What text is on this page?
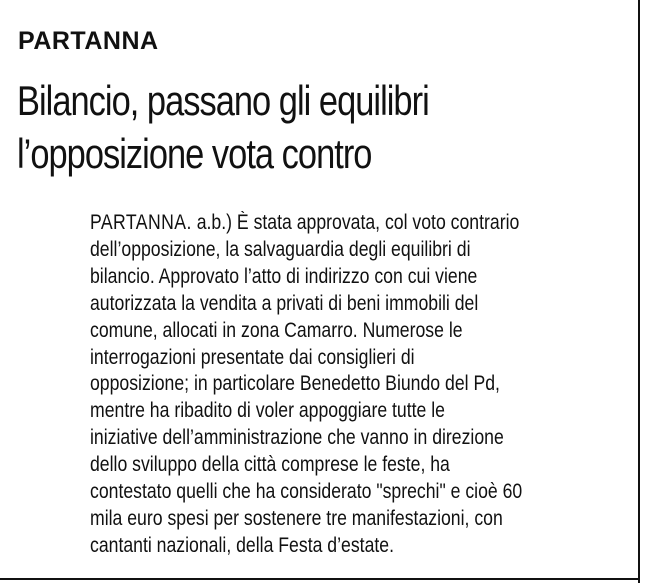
PARTANNA
Bilancio, passano gli equilibri
l’opposizione vota contro
PARTANNA. a.b.) È stata approvata, col voto contrario
dell’opposizione, la salvaguardia degli equilibri di
bilancio. Approvato l’atto di indirizzo con cui viene
autorizzata la vendita a privati di beni immobili del
comune, allocati in zona Camarro. Numerose le
interrogazioni presentate dai consiglieri di
opposizione; in particolare Benedetto Biundo del Pd,
mentre ha ribadito di voler appoggiare tutte le
iniziative dell’amministrazione che vanno in direzione
dello sviluppo della città comprese le feste, ha
contestato quelli che ha considerato "sprechi" e cioè 60
mila euro spesi per sostenere tre manifestazioni, con
cantanti nazionali, della Festa d’estate.
